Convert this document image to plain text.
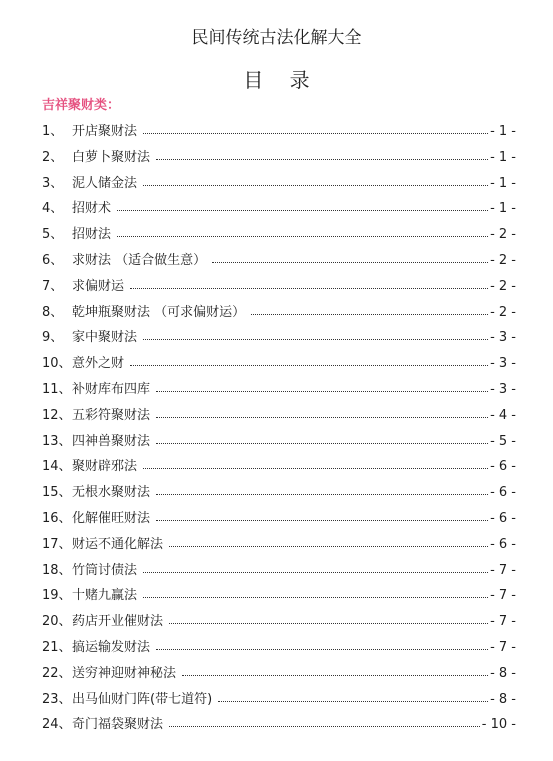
民间传统古法化解大全
目 录
吉祥聚财类：
1、 开店聚财法	- 1 -
2、 白萝卜聚财法	- 1 -
3、 泥人储金法	- 1 -
4、 招财术	- 1 -
5、 招财法	- 2 -
6、 求财法 （适合做生意）	- 2 -
7、 求偏财运	- 2 -
8、 乾坤瓶聚财法 （可求偏财运）	- 2 -
9、 家中聚财法	- 3 -
10、 意外之财	- 3 -
11、 补财库布四库	- 3 -
12、 五彩符聚财法	- 4 -
13、 四神兽聚财法	- 5 -
14、 聚财辟邪法	- 6 -
15、 无根水聚财法	- 6 -
16、 化解催旺财法	- 6 -
17、 财运不通化解法	- 6 -
18、 竹筒讨债法	- 7 -
19、 十赌九赢法	- 7 -
20、 药店开业催财法	- 7 -
21、 搞运输发财法	- 7 -
22、 送穷神迎财神秘法	- 8 -
23、 出马仙财门阵(带七道符)	- 8 -
24、 奇门福袋聚财法	- 10 -
